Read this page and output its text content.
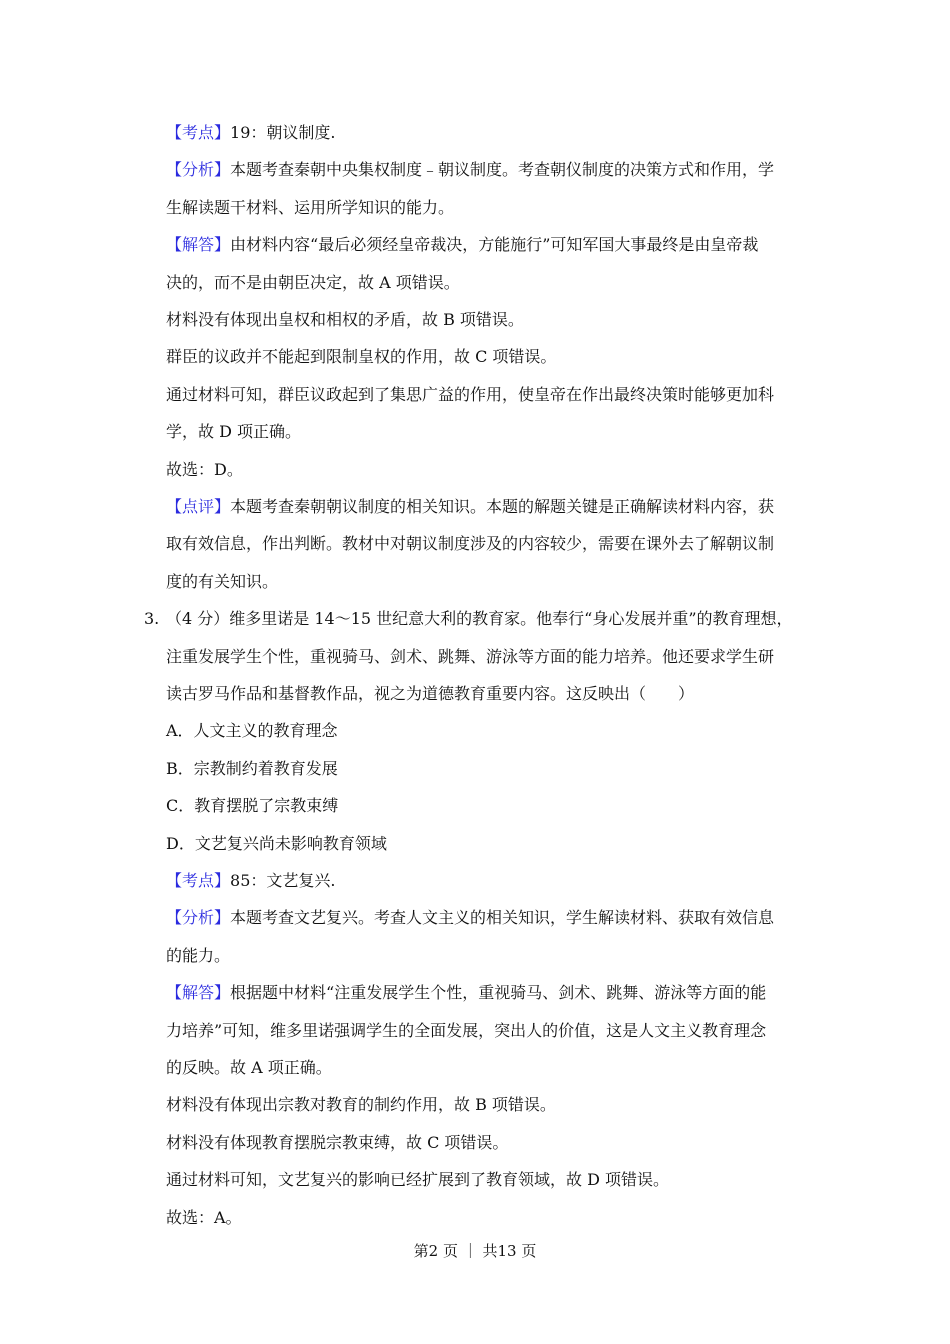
【考点】19：朝议制度.
【分析】本题考查秦朝中央集权制度﹣朝议制度。考查朝仪制度的决策方式和作用，学
生解读题干材料、运用所学知识的能力。
【解答】由材料内容“最后必须经皇帝裁决，方能施行”可知军国大事最终是由皇帝裁
决的，而不是由朝臣决定，故 A 项错误。
材料没有体现出皇权和相权的矛盾，故 B 项错误。
群臣的议政并不能起到限制皇权的作用，故 C 项错误。
通过材料可知，群臣议政起到了集思广益的作用，使皇帝在作出最终决策时能够更加科
学，故 D 项正确。
故选：D。
【点评】本题考查秦朝朝议制度的相关知识。本题的解题关键是正确解读材料内容，获
取有效信息，作出判断。教材中对朝议制度涉及的内容较少，需要在课外去了解朝议制
度的有关知识。
3. （4 分）维多里诺是 14～15 世纪意大利的教育家。他奉行“身心发展并重”的教育理想，
注重发展学生个性，重视骑马、剑术、跳舞、游泳等方面的能力培养。他还要求学生研
读古罗马作品和基督教作品，视之为道德教育重要内容。这反映出（　　）
A．人文主义的教育理念
B．宗教制约着教育发展
C．教育摆脱了宗教束缚
D．文艺复兴尚未影响教育领域
【考点】85：文艺复兴.
【分析】本题考查文艺复兴。考查人文主义的相关知识，学生解读材料、获取有效信息
的能力。
【解答】根据题中材料“注重发展学生个性，重视骑马、剑术、跳舞、游泳等方面的能
力培养”可知，维多里诺强调学生的全面发展，突出人的价值，这是人文主义教育理念
的反映。故 A 项正确。
材料没有体现出宗教对教育的制约作用，故 B 项错误。
材料没有体现教育摆脱宗教束缚，故 C 项错误。
通过材料可知，文艺复兴的影响已经扩展到了教育领域，故 D 项错误。
故选：A。
第2 页 ｜ 共13 页
